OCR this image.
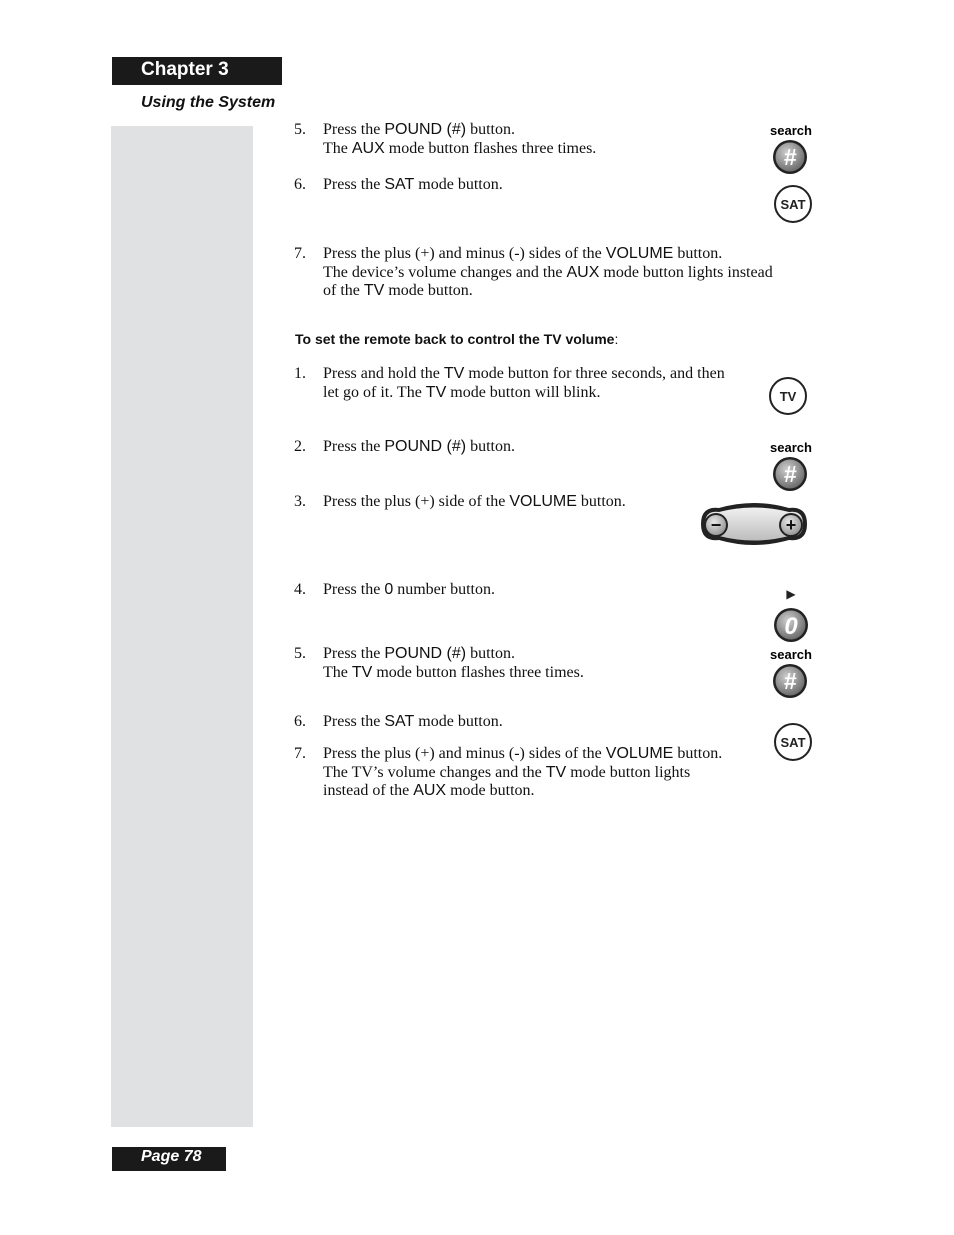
Chapter 3
Using the System
5. Press the POUND (#) button.
The AUX mode button flashes three times.
6. Press the SAT mode button.
7. Press the plus (+) and minus (-) sides of the VOLUME button.
The device’s volume changes and the AUX mode button lights instead
of the TV mode button.
To set the remote back to control the TV volume:
1. Press and hold the TV mode button for three seconds, and then
let go of it. The TV mode button will blink.
2. Press the POUND (#) button.
3. Press the plus (+) side of the VOLUME button.
4. Press the 0 number button.
5. Press the POUND (#) button.
The TV mode button flashes three times.
6. Press the SAT mode button.
7. Press the plus (+) and minus (-) sides of the VOLUME button.
The TV’s volume changes and the TV mode button lights
instead of the AUX mode button.
search
#
SAT
TV
search
#
−	+
▶
0
search
#
SAT
Page 78
